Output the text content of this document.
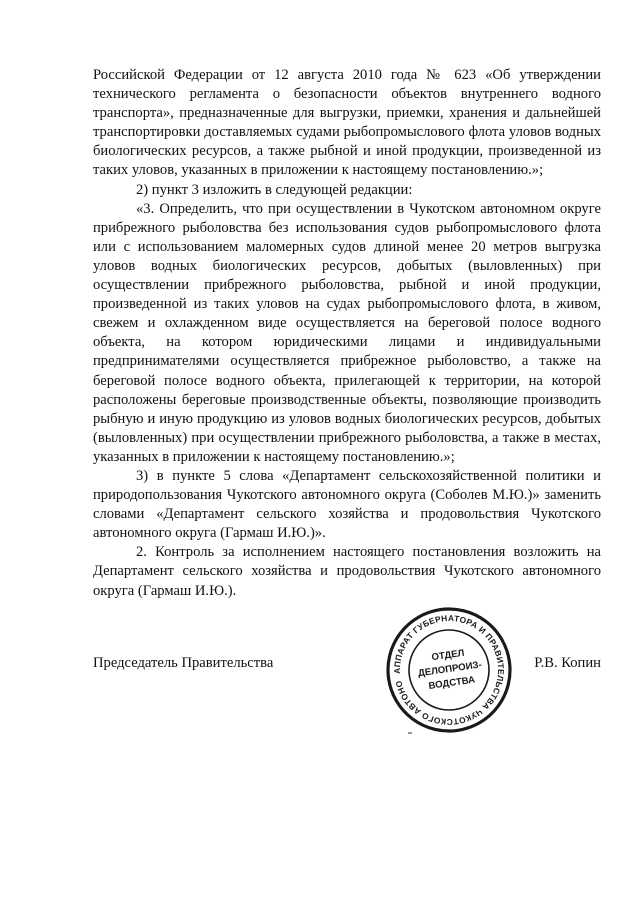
Российской Федерации от 12 августа 2010 года № 623 «Об утверждении технического регламента о безопасности объектов внутреннего водного транспорта», предназначенные для выгрузки, приемки, хранения и дальнейшей транспортировки доставляемых судами рыбопромыслового флота уловов водных биологических ресурсов, а также рыбной и иной продукции, произведенной из таких уловов, указанных в приложении к настоящему постановлению.»;

2) пункт 3 изложить в следующей редакции:

«3. Определить, что при осуществлении в Чукотском автономном округе прибрежного рыболовства без использования судов рыбопромыслового флота или с использованием маломерных судов длиной менее 20 метров выгрузка уловов водных биологических ресурсов, добытых (выловленных) при осуществлении прибрежного рыболовства, рыбной и иной продукции, произведенной из таких уловов на судах рыбопромыслового флота, в живом, свежем и охлажденном виде осуществляется на береговой полосе водного объекта, на котором юридическими лицами и индивидуальными предпринимателями осуществляется прибрежное рыболовство, а также на береговой полосе водного объекта, прилегающей к территории, на которой расположены береговые производственные объекты, позволяющие производить рыбную и иную продукцию из уловов водных биологических ресурсов, добытых (выловленных) при осуществлении прибрежного рыболовства, а также в местах, указанных в приложении к настоящему постановлению.»;

3) в пункте 5 слова «Департамент сельскохозяйственной политики и природопользования Чукотского автономного округа (Соболев М.Ю.)» заменить словами «Департамент сельского хозяйства и продовольствия Чукотского автономного округа (Гармаш И.Ю.)».

2. Контроль за исполнением настоящего постановления возложить на Департамент сельского хозяйства и продовольствия Чукотского автономного округа (Гармаш И.Ю.).

Председатель Правительства	Р.В. Копин
АППАРАТ ГУБЕРНАТОРА И ПРАВИТЕЛЬСТВА ЧУКОТСКОГО АВТОНОМНОГО
ОТДЕЛ
ДЕЛОПРОИЗ-
ВОДСТВА
